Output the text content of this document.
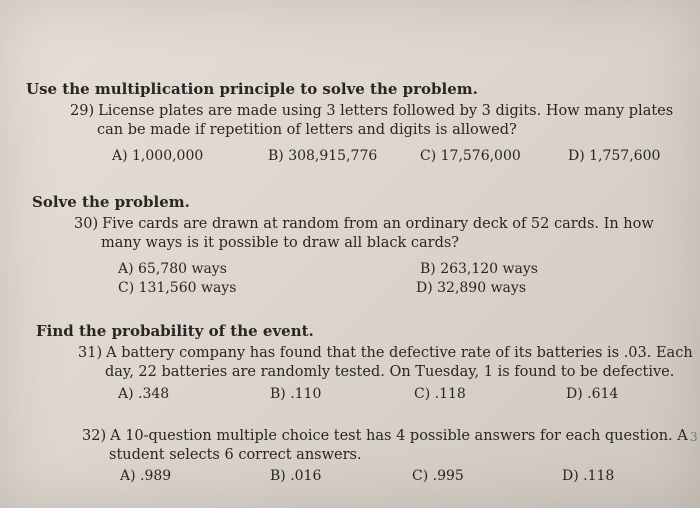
Use the multiplication principle to solve the problem.
29) License plates are made using 3 letters followed by 3 digits. How many plates
can be made if repetition of letters and digits is allowed?
A) 1,000,000	B) 308,915,776	C) 17,576,000	D) 1,757,600
Solve the problem.
30) Five cards are drawn at random from an ordinary deck of 52 cards. In how
many ways is it possible to draw all black cards?
A) 65,780 ways	B) 263,120 ways
C) 131,560 ways	D) 32,890 ways
Find the probability of the event.
31) A battery company has found that the defective rate of its batteries is .03. Each
day, 22 batteries are randomly tested. On Tuesday, 1 is found to be defective.
A) .348	B) .110	C) .118	D) .614
32) A 10-question multiple choice test has 4 possible answers for each question. A
student selects 6 correct answers.
A) .989	B) .016	C) .995	D) .118
3
